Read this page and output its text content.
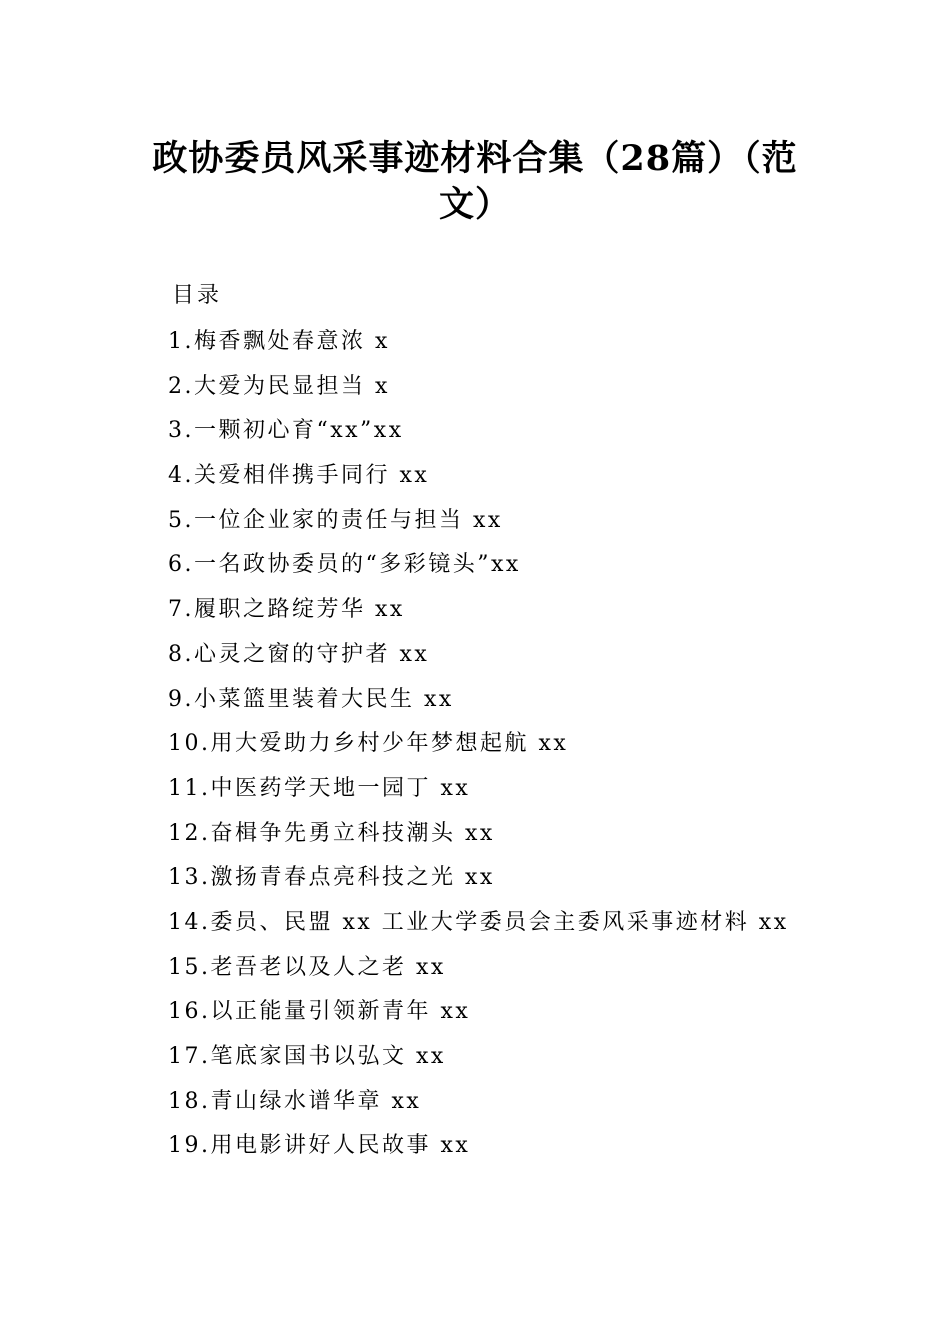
政协委员风采事迹材料合集（28篇）（范
文）
目录
1.梅香飘处春意浓 x
2.大爱为民显担当 x
3.一颗初心育“xx”xx
4.关爱相伴携手同行 xx
5.一位企业家的责任与担当 xx
6.一名政协委员的“多彩镜头”xx
7.履职之路绽芳华 xx
8.心灵之窗的守护者 xx
9.小菜篮里装着大民生 xx
10.用大爱助力乡村少年梦想起航 xx
11.中医药学天地一园丁 xx
12.奋楫争先勇立科技潮头 xx
13.激扬青春点亮科技之光 xx
14.委员、民盟 xx 工业大学委员会主委风采事迹材料 xx
15.老吾老以及人之老 xx
16.以正能量引领新青年 xx
17.笔底家国书以弘文 xx
18.青山绿水谱华章 xx
19.用电影讲好人民故事 xx
